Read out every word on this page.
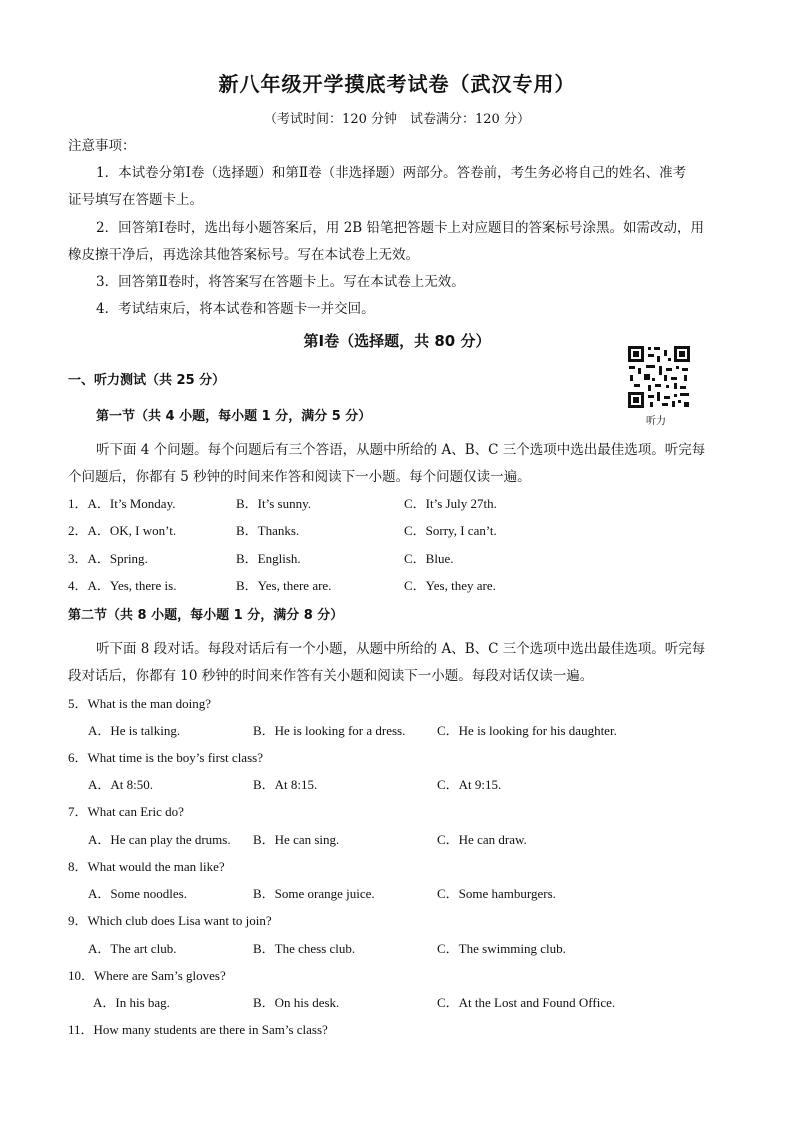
新八年级开学摸底考试卷（武汉专用）
（考试时间：120 分钟　试卷满分：120 分）
注意事项：
1．本试卷分第Ⅰ卷（选择题）和第Ⅱ卷（非选择题）两部分。答卷前，考生务必将自己的姓名、准考
证号填写在答题卡上。
2．回答第Ⅰ卷时，选出每小题答案后，用 2B 铅笔把答题卡上对应题目的答案标号涂黑。如需改动，用
橡皮擦干净后，再选涂其他答案标号。写在本试卷上无效。
3．回答第Ⅱ卷时，将答案写在答题卡上。写在本试卷上无效。
4．考试结束后，将本试卷和答题卡一并交回。
第Ⅰ卷（选择题，共 80 分）
听力
一、听力测试（共 25 分）
第一节（共 4 小题，每小题 1 分，满分 5 分）
听下面 4 个问题。每个问题后有三个答语，从题中所给的 A、B、C 三个选项中选出最佳选项。听完每
个问题后，你都有 5 秒钟的时间来作答和阅读下一小题。每个问题仅读一遍。
1．A．It’s Monday.	B．It’s sunny.	C．It’s July 27th.
2．A．OK, I won’t.	B．Thanks.	C．Sorry, I can’t.
3．A．Spring.	B．English.	C．Blue.
4．A．Yes, there is.	B．Yes, there are.	C．Yes, they are.
第二节（共 8 小题，每小题 1 分，满分 8 分）
听下面 8 段对话。每段对话后有一个小题，从题中所给的 A、B、C 三个选项中选出最佳选项。听完每
段对话后，你都有 10 秒钟的时间来作答有关小题和阅读下一小题。每段对话仅读一遍。
5．What is the man doing?
A．He is talking.	B．He is looking for a dress. C．He is looking for his daughter.
6．What time is the boy’s first class?
A．At 8:50.	B．At 8:15.	C．At 9:15.
7．What can Eric do?
A．He can play the drums. B．He can sing.	C．He can draw.
8．What would the man like?
A．Some noodles.	B．Some orange juice.	C．Some hamburgers.
9．Which club does Lisa want to join?
A．The art club.	B．The chess club.	C．The swimming club.
10．Where are Sam’s gloves?
A．In his bag.	B．On his desk.	C．At the Lost and Found Office.
11．How many students are there in Sam’s class?
